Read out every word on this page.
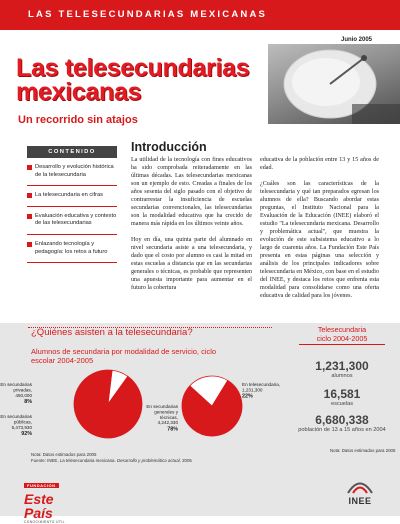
LAS TELESECUNDARIAS MEXICANAS
Junio 2005
Las telesecundarias
mexicanas
Un recorrido sin atajos
CONTENIDO
Desarrollo y evolución histórica de la telesecundaria
La telesecundaria en cifras
Evaluación educativa y contexto de las telesecundarias
Enlazando tecnología y pedagogía: los retos a futuro
Introducción

La utilidad de la tecnología con fines educativos ha sido comprobada reiteradamente en las últimas décadas. Las telesecundarias mexicanas son un ejemplo de esto. Creadas a finales de los años sesenta del siglo pasado con el objetivo de contrarrestar la insuficiencia de escuelas secundarias convencionales, las telesecundarias son la modalidad educativa que ha crecido de manera más rápida en los últimos veinte años.

Hoy en día, una quinta parte del alumnado en nivel secundaria asiste a una telesecundaria, y dado que el costo por alumno es casi la mitad en estas escuelas a distancia que en las secundarias generales o técnicas, es probable que representen una apuesta importante para aumentar en el futuro la cobertura

educativa de la población entre 13 y 15 años de edad.

¿Cuáles son las características de la telesecundaria y qué tan preparados egresan los alumnos de ella? Buscando abordar estas preguntas, el Instituto Nacional para la Evaluación de la Educación (INEE) elaboró el estudio "La telesecundaria mexicana. Desarrollo y problemática actual", que muestra la evolución de este subsistema educativo a lo largo de cuarenta años. La Fundación Este País presenta en estas páginas una selección y análisis de los principales indicadores sobre telesecundaria en México, con base en el estudio del INEE, y destaca los retos que enfrenta esta modalidad para consolidarse como una oferta educativa de calidad para los jóvenes.

¿Quiénes asisten a la telesecundaria?
Alumnos de secundaria por modalidad de servicio, ciclo escolar 2004-2005
En secundarias
privadas,
450,000
8%
En secundarias
públicas,
5,473,930
92%
En secundarias
generales y
técnicas,
4,242,330
78%
En telesecundaria,
1,231,300
22%
Nota: Datos estimados para 2005
Fuente: INEE, La telesecundaria mexicana. Desarrollo y problemática actual, 2005
Telesecundaria
ciclo 2004-2005
1,231,300
alumnos
16,581
escuelas
6,680,338
población de 13 a 15 años en 2004
Nota: Datos estimados para 2005
FUNDACIÓN
Este País
CONOCIMIENTO ÚTIL
INEE
